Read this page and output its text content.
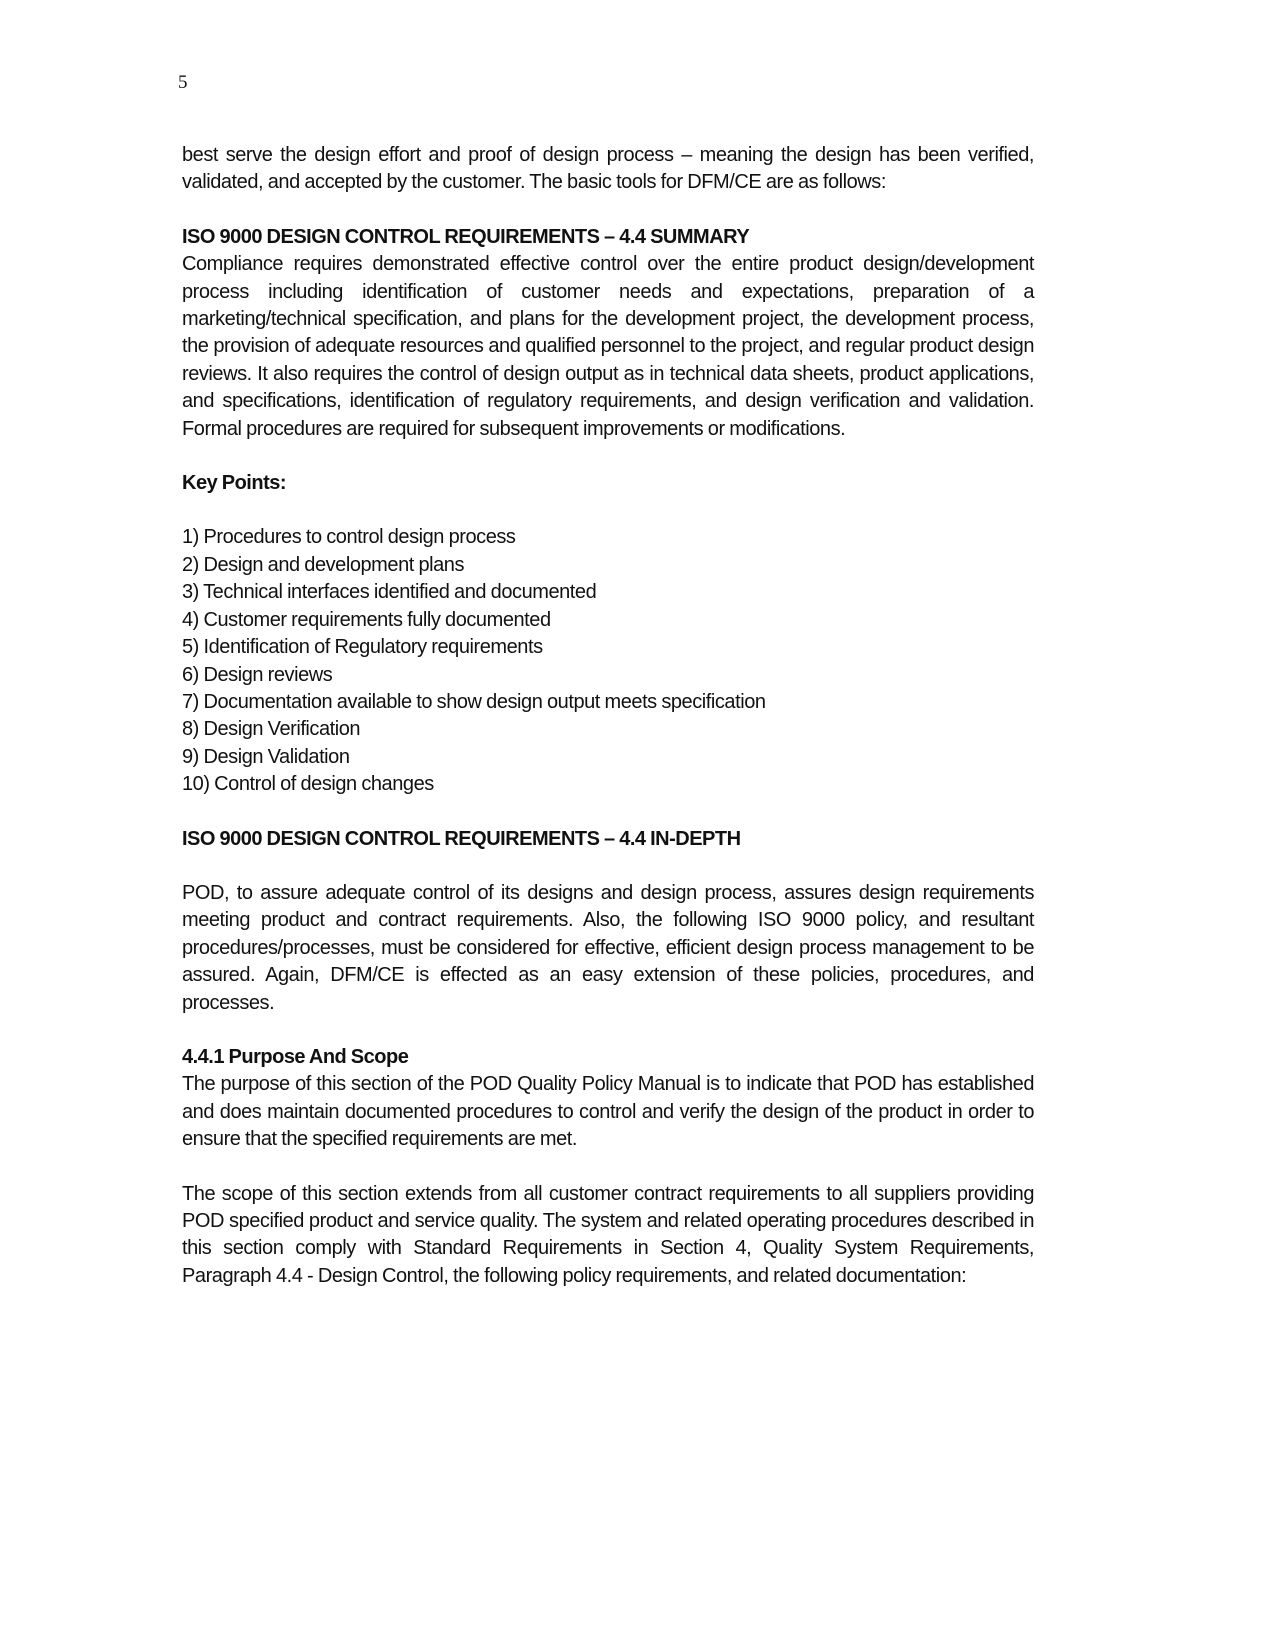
5

best serve the design effort and proof of design process – meaning the design has been verified, validated, and accepted by the customer. The basic tools for DFM/CE are as follows:

ISO 9000 DESIGN CONTROL REQUIREMENTS – 4.4 SUMMARY

Compliance requires demonstrated effective control over the entire product design/development process including identification of customer needs and expectations, preparation of a marketing/technical specification, and plans for the development project, the development process, the provision of adequate resources and qualified personnel to the project, and regular product design reviews. It also requires the control of design output as in technical data sheets, product applications, and specifications, identification of regulatory requirements, and design verification and validation. Formal procedures are required for subsequent improvements or modifications.

Key Points:
1) Procedures to control design process
2) Design and development plans
3) Technical interfaces identified and documented
4) Customer requirements fully documented
5) Identification of Regulatory requirements
6) Design reviews
7) Documentation available to show design output meets specification
8) Design Verification
9) Design Validation
10) Control of design changes
ISO 9000 DESIGN CONTROL REQUIREMENTS – 4.4 IN-DEPTH

POD, to assure adequate control of its designs and design process, assures design requirements meeting product and contract requirements. Also, the following ISO 9000 policy, and resultant procedures/processes, must be considered for effective, efficient design process management to be assured. Again, DFM/CE is effected as an easy extension of these policies, procedures, and processes.

4.4.1 Purpose And Scope

The purpose of this section of the POD Quality Policy Manual is to indicate that POD has established and does maintain documented procedures to control and verify the design of the product in order to ensure that the specified requirements are met.

The scope of this section extends from all customer contract requirements to all suppliers providing POD specified product and service quality. The system and related operating procedures described in this section comply with Standard Requirements in Section 4, Quality System Requirements, Paragraph 4.4 - Design Control, the following policy requirements, and related documentation:
